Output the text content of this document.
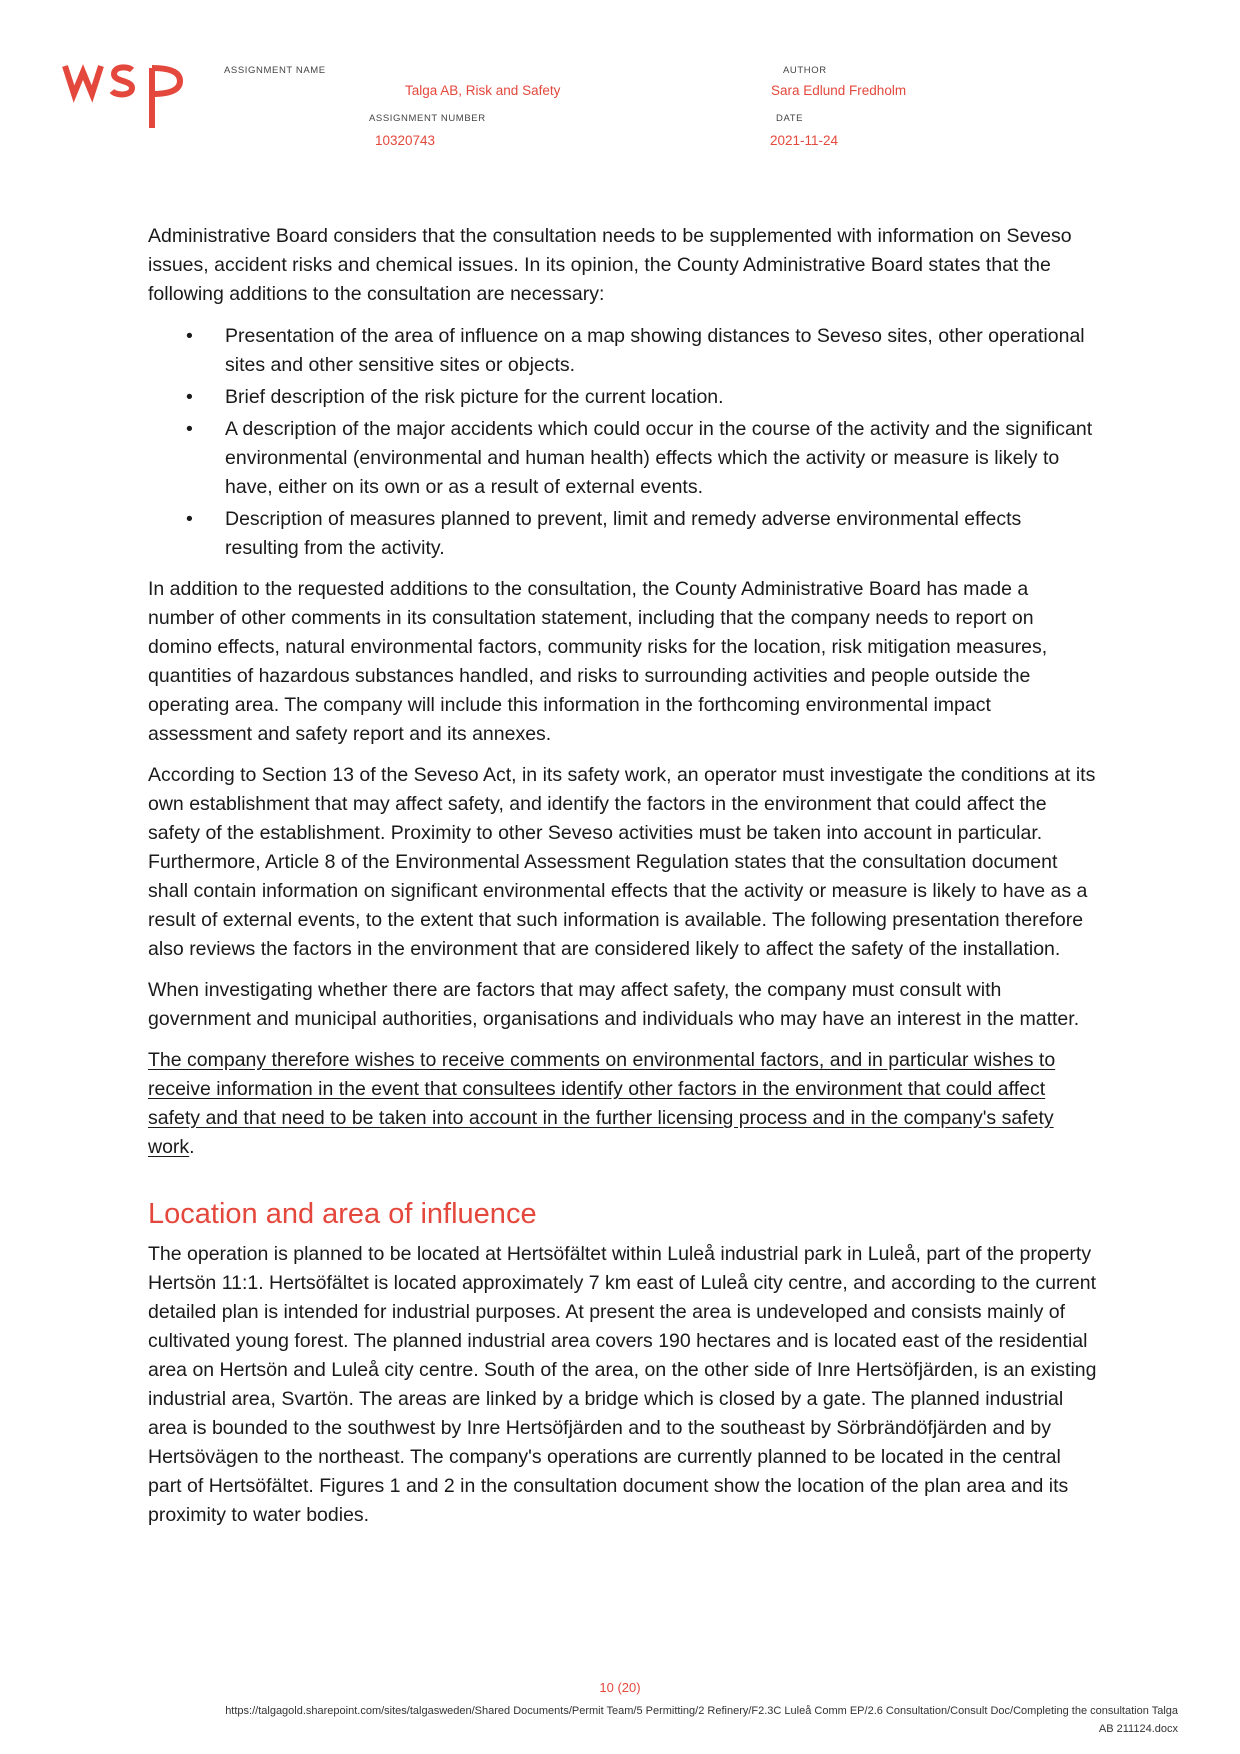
ASSIGNMENT NAME
Talga AB, Risk and Safety
ASSIGNMENT NUMBER
10320743
AUTHOR
Sara Edlund Fredholm
DATE
2021-11-24

Administrative Board considers that the consultation needs to be supplemented with information on Seveso issues, accident risks and chemical issues. In its opinion, the County Administrative Board states that the following additions to the consultation are necessary:

• Presentation of the area of influence on a map showing distances to Seveso sites, other operational sites and other sensitive sites or objects.
• Brief description of the risk picture for the current location.
• A description of the major accidents which could occur in the course of the activity and the significant environmental (environmental and human health) effects which the activity or measure is likely to have, either on its own or as a result of external events.
• Description of measures planned to prevent, limit and remedy adverse environmental effects resulting from the activity.

In addition to the requested additions to the consultation, the County Administrative Board has made a number of other comments in its consultation statement, including that the company needs to report on domino effects, natural environmental factors, community risks for the location, risk mitigation measures, quantities of hazardous substances handled, and risks to surrounding activities and people outside the operating area. The company will include this information in the forthcoming environmental impact assessment and safety report and its annexes.

According to Section 13 of the Seveso Act, in its safety work, an operator must investigate the conditions at its own establishment that may affect safety, and identify the factors in the environment that could affect the safety of the establishment. Proximity to other Seveso activities must be taken into account in particular. Furthermore, Article 8 of the Environmental Assessment Regulation states that the consultation document shall contain information on significant environmental effects that the activity or measure is likely to have as a result of external events, to the extent that such information is available. The following presentation therefore also reviews the factors in the environment that are considered likely to affect the safety of the installation.

When investigating whether there are factors that may affect safety, the company must consult with government and municipal authorities, organisations and individuals who may have an interest in the matter.

The company therefore wishes to receive comments on environmental factors, and in particular wishes to receive information in the event that consultees identify other factors in the environment that could affect safety and that need to be taken into account in the further licensing process and in the company's safety work.

Location and area of influence

The operation is planned to be located at Hertsöfältet within Luleå industrial park in Luleå, part of the property Hertsön 11:1. Hertsöfältet is located approximately 7 km east of Luleå city centre, and according to the current detailed plan is intended for industrial purposes. At present the area is undeveloped and consists mainly of cultivated young forest. The planned industrial area covers 190 hectares and is located east of the residential area on Hertsön and Luleå city centre. South of the area, on the other side of Inre Hertsöfjärden, is an existing industrial area, Svartön. The areas are linked by a bridge which is closed by a gate. The planned industrial area is bounded to the southwest by Inre Hertsöfjärden and to the southeast by Sörbrändöfjärden and by Hertsövägen to the northeast. The company's operations are currently planned to be located in the central part of Hertsöfältet. Figures 1 and 2 in the consultation document show the location of the plan area and its proximity to water bodies.

10 (20)
https://talgagold.sharepoint.com/sites/talgasweden/Shared Documents/Permit Team/5 Permitting/2 Refinery/F2.3C Luleå Comm EP/2.6 Consultation/Consult Doc/Completing the consultation Talga
AB 211124.docx
